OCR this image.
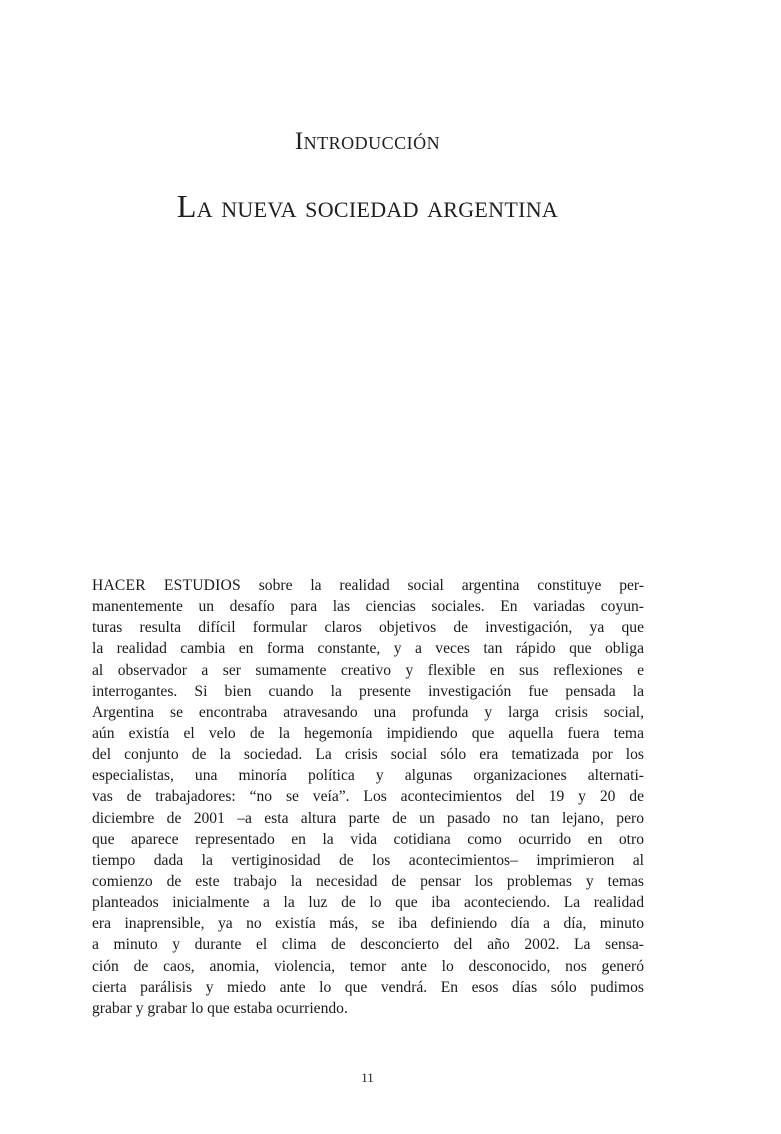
Introducción
La nueva sociedad argentina
HACER ESTUDIOS sobre la realidad social argentina constituye per-
manentemente un desafío para las ciencias sociales. En variadas coyun-
turas resulta difícil formular claros objetivos de investigación, ya que
la realidad cambia en forma constante, y a veces tan rápido que obliga
al observador a ser sumamente creativo y flexible en sus reflexiones e
interrogantes. Si bien cuando la presente investigación fue pensada la
Argentina se encontraba atravesando una profunda y larga crisis social,
aún existía el velo de la hegemonía impidiendo que aquella fuera tema
del conjunto de la sociedad. La crisis social sólo era tematizada por los
especialistas, una minoría política y algunas organizaciones alternati-
vas de trabajadores: “no se veía”. Los acontecimientos del 19 y 20 de
diciembre de 2001 –a esta altura parte de un pasado no tan lejano, pero
que aparece representado en la vida cotidiana como ocurrido en otro
tiempo dada la vertiginosidad de los acontecimientos– imprimieron al
comienzo de este trabajo la necesidad de pensar los problemas y temas
planteados inicialmente a la luz de lo que iba aconteciendo. La realidad
era inaprensible, ya no existía más, se iba definiendo día a día, minuto
a minuto y durante el clima de desconcierto del año 2002. La sensa-
ción de caos, anomia, violencia, temor ante lo desconocido, nos generó
cierta parálisis y miedo ante lo que vendrá. En esos días sólo pudimos
grabar y grabar lo que estaba ocurriendo.
11
